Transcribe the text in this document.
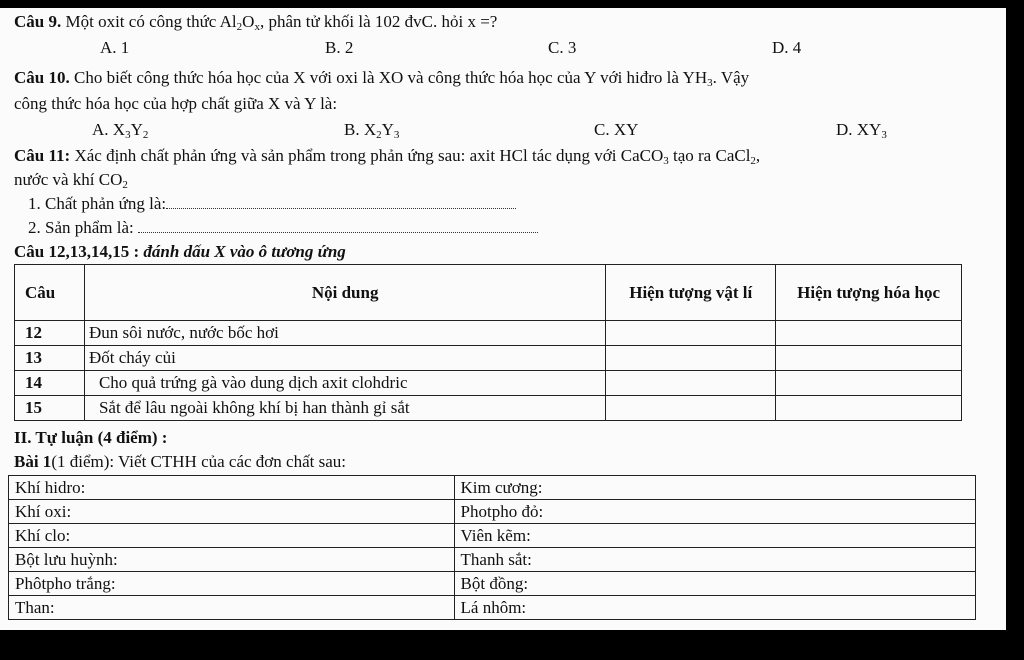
Câu 9. Một oxit có công thức $Al_2O_x$, phân tử khối là 102 đvC. hỏi x =?
A. 1	B. 2	C. 3	D. 4
Câu 10. Cho biết công thức hóa học của X với oxi là XO và công thức hóa học của Y với hiđro là $YH_3$. Vậy
công thức hóa học của hợp chất giữa X và Y là:
A. $X_3Y_2$	B. $X_2Y_3$	C. XY	D. $XY_3$
Câu 11: Xác định chất phản ứng và sản phẩm trong phản ứng sau: axit HCl tác dụng với CaCO$_3$ tạo ra CaCl$_2$,
nước và khí $CO_2$
1. Chất phản ứng là:
2. Sản phẩm là:
Câu 12,13,14,15 : đánh dấu X vào ô tương ứng
Câu	Nội dung	Hiện tượng vật lí	Hiện tượng hóa học
12	Đun sôi nước, nước bốc hơi		
13	Đốt cháy củi		
14	Cho quả trứng gà vào dung dịch axit clohdric		
15	Sắt để lâu ngoài không khí bị han thành gỉ sắt		
II. Tự luận (4 điểm) :
Bài 1(1 điểm): Viết CTHH của các đơn chất sau:
Khí hidro:	Kim cương:
Khí oxi:	Photpho đỏ:
Khí clo:	Viên kẽm:
Bột lưu huỳnh:	Thanh sắt:
Phôtpho trắng:	Bột đồng:
Than:	Lá nhôm:
